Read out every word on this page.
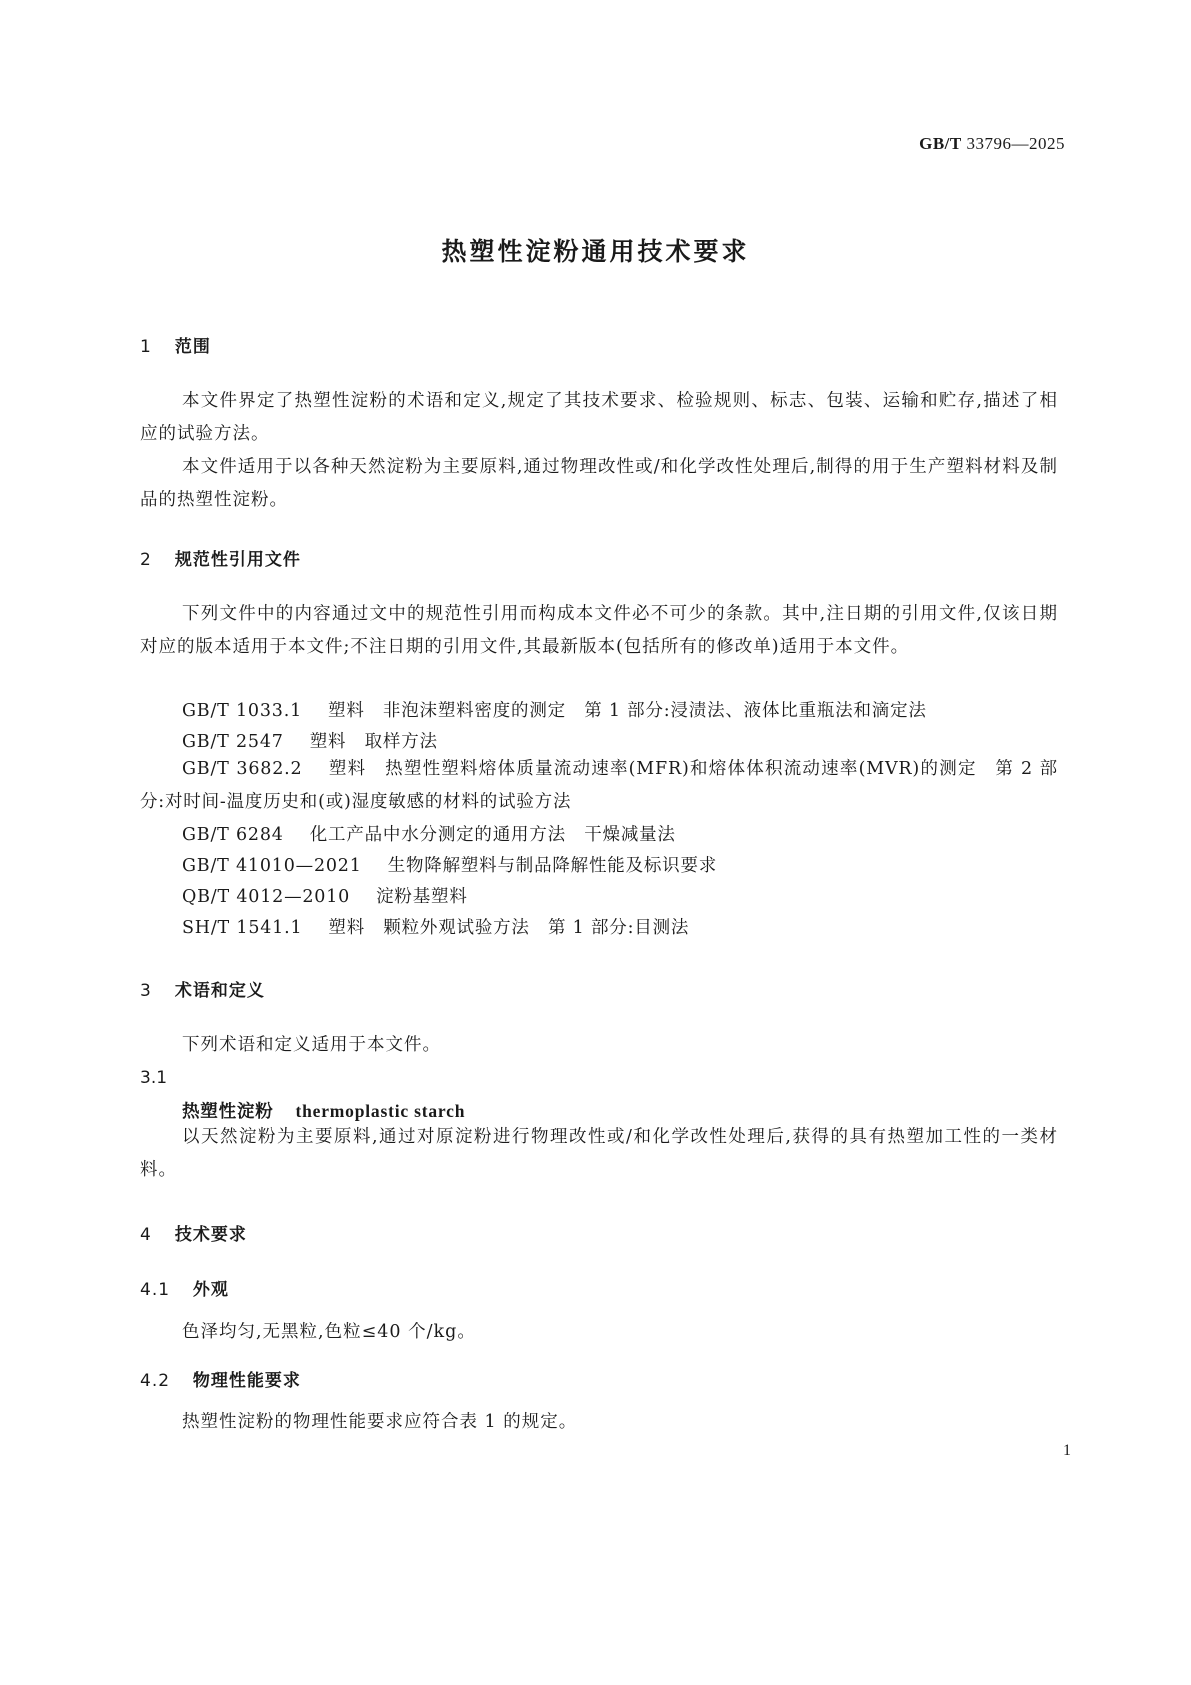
GB/T 33796—2025
热塑性淀粉通用技术要求
1 范围
本文件界定了热塑性淀粉的术语和定义,规定了其技术要求、检验规则、标志、包装、运输和贮存,描述了相应的试验方法。
本文件适用于以各种天然淀粉为主要原料,通过物理改性或/和化学改性处理后,制得的用于生产塑料材料及制品的热塑性淀粉。
2 规范性引用文件
下列文件中的内容通过文中的规范性引用而构成本文件必不可少的条款。其中,注日期的引用文件,仅该日期对应的版本适用于本文件;不注日期的引用文件,其最新版本(包括所有的修改单)适用于本文件。
GB/T 1033.1 塑料　非泡沫塑料密度的测定　第 1 部分:浸渍法、液体比重瓶法和滴定法
GB/T 2547 塑料　取样方法
GB/T 3682.2 塑料　热塑性塑料熔体质量流动速率(MFR)和熔体体积流动速率(MVR)的测定　第 2 部分:对时间-温度历史和(或)湿度敏感的材料的试验方法
GB/T 6284 化工产品中水分测定的通用方法　干燥减量法
GB/T 41010—2021 生物降解塑料与制品降解性能及标识要求
QB/T 4012—2010 淀粉基塑料
SH/T 1541.1 塑料　颗粒外观试验方法　第 1 部分:目测法
3 术语和定义
下列术语和定义适用于本文件。
3.1
热塑性淀粉 thermoplastic starch
以天然淀粉为主要原料,通过对原淀粉进行物理改性或/和化学改性处理后,获得的具有热塑加工性的一类材料。
4 技术要求
4.1 外观
色泽均匀,无黑粒,色粒≤40 个/kg。
4.2 物理性能要求
热塑性淀粉的物理性能要求应符合表 1 的规定。
1
